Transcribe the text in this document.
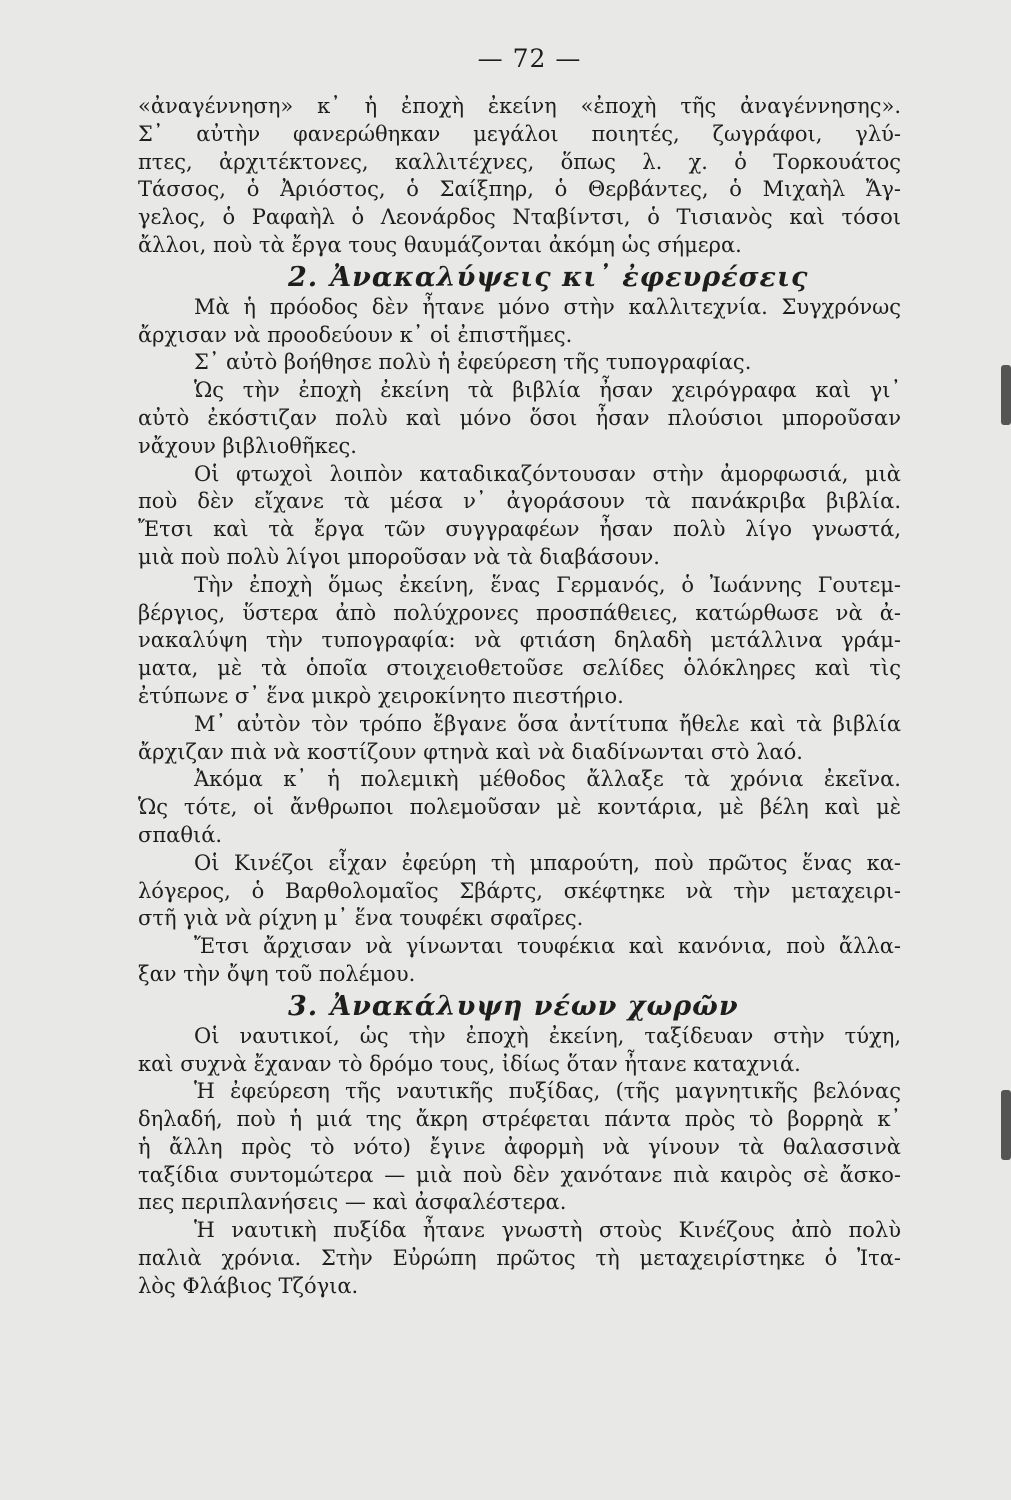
— 72 —
«ἀναγέννηση» κ᾽ ἡ ἐποχὴ ἐκείνη «ἐποχὴ τῆς ἀναγέννησης».
Σ᾽ αὐτὴν φανερώθηκαν μεγάλοι ποιητές, ζωγράφοι, γλύ-
πτες, ἀρχιτέκτονες, καλλιτέχνες, ὅπως λ. χ. ὁ Τορκουάτος
Τάσσος, ὁ Ἀριόστος, ὁ Σαίξπηρ, ὁ Θερβάντες, ὁ Μιχαὴλ Ἄγ-
γελος, ὁ Ραφαὴλ ὁ Λεονάρδος Νταβίντσι, ὁ Τισιανὸς καὶ τόσοι
ἄλλοι, ποὺ τὰ ἔργα τους θαυμάζονται ἀκόμη ὡς σήμερα.
2. Ἀνακαλύψεις κι᾽ ἐφευρέσεις
Μὰ ἡ πρόοδος δὲν ἦτανε μόνο στὴν καλλιτεχνία. Συγχρόνως
ἄρχισαν νὰ προοδεύουν κ᾽ οἱ ἐπιστῆμες.
Σ᾽ αὐτὸ βοήθησε πολὺ ἡ ἐφεύρεση τῆς τυπογραφίας.
Ὡς τὴν ἐποχὴ ἐκείνη τὰ βιβλία ἦσαν χειρόγραφα καὶ γι᾽
αὐτὸ ἐκόστιζαν πολὺ καὶ μόνο ὅσοι ἦσαν πλούσιοι μποροῦσαν
νἄχουν βιβλιοθῆκες.
Οἱ φτωχοὶ λοιπὸν καταδικαζόντουσαν στὴν ἀμορφωσιά, μιὰ
ποὺ δὲν εἴχανε τὰ μέσα ν᾽ ἀγοράσουν τὰ πανάκριβα βιβλία.
Ἔτσι καὶ τὰ ἔργα τῶν συγγραφέων ἦσαν πολὺ λίγο γνωστά,
μιὰ ποὺ πολὺ λίγοι μποροῦσαν νὰ τὰ διαβάσουν.
Τὴν ἐποχὴ ὅμως ἐκείνη, ἕνας Γερμανός, ὁ Ἰωάννης Γουτεμ-
βέργιος, ὕστερα ἀπὸ πολύχρονες προσπάθειες, κατώρθωσε νὰ ἀ-
νακαλύψη τὴν τυπογραφία: νὰ φτιάση δηλαδὴ μετάλλινα γράμ-
ματα, μὲ τὰ ὁποῖα στοιχειοθετοῦσε σελίδες ὁλόκληρες καὶ τὶς
ἐτύπωνε σ᾽ ἕνα μικρὸ χειροκίνητο πιεστήριο.
Μ᾽ αὐτὸν τὸν τρόπο ἔβγανε ὅσα ἀντίτυπα ἤθελε καὶ τὰ βιβλία
ἄρχιζαν πιὰ νὰ κοστίζουν φτηνὰ καὶ νὰ διαδίνωνται στὸ λαό.
Ἀκόμα κ᾽ ἡ πολεμικὴ μέθοδος ἄλλαξε τὰ χρόνια ἐκεῖνα.
Ὡς τότε, οἱ ἄνθρωποι πολεμοῦσαν μὲ κοντάρια, μὲ βέλη καὶ μὲ
σπαθιά.
Οἱ Κινέζοι εἶχαν ἐφεύρη τὴ μπαρούτη, ποὺ πρῶτος ἕνας κα-
λόγερος, ὁ Βαρθολομαῖος Σβάρτς, σκέφτηκε νὰ τὴν μεταχειρι-
στῆ γιὰ νὰ ρίχνη μ᾽ ἕνα τουφέκι σφαῖρες.
Ἔτσι ἄρχισαν νὰ γίνωνται τουφέκια καὶ κανόνια, ποὺ ἄλλα-
ξαν τὴν ὄψη τοῦ πολέμου.
3. Ἀνακάλυψη νέων χωρῶν
Οἱ ναυτικοί, ὡς τὴν ἐποχὴ ἐκείνη, ταξίδευαν στὴν τύχη,
καὶ συχνὰ ἔχαναν τὸ δρόμο τους, ἰδίως ὅταν ἦτανε καταχνιά.
Ἡ ἐφεύρεση τῆς ναυτικῆς πυξίδας, (τῆς μαγνητικῆς βελόνας
δηλαδή, ποὺ ἡ μιά της ἄκρη στρέφεται πάντα πρὸς τὸ βορρηὰ κ᾽
ἡ ἄλλη πρὸς τὸ νότο) ἔγινε ἀφορμὴ νὰ γίνουν τὰ θαλασσινὰ
ταξίδια συντομώτερα — μιὰ ποὺ δὲν χανότανε πιὰ καιρὸς σὲ ἄσκο-
πες περιπλανήσεις — καὶ ἀσφαλέστερα.
Ἡ ναυτικὴ πυξίδα ἦτανε γνωστὴ στοὺς Κινέζους ἀπὸ πολὺ
παλιὰ χρόνια. Στὴν Εὐρώπη πρῶτος τὴ μεταχειρίστηκε ὁ Ἰτα-
λὸς Φλάβιος Τζόγια.
